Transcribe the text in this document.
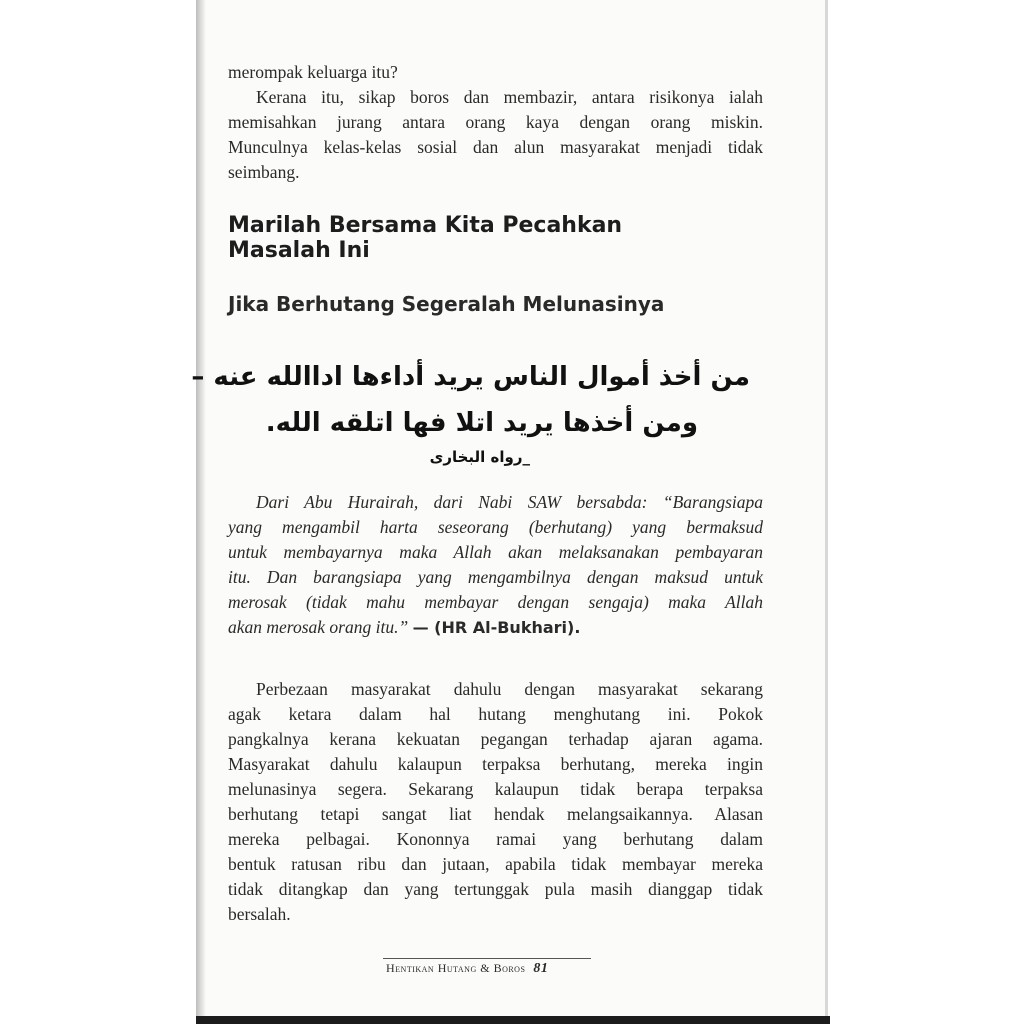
merompak keluarga itu?
Kerana itu, sikap boros dan membazir, antara risikonya ialah
memisahkan jurang antara orang kaya dengan orang miskin.
Munculnya kelas-kelas sosial dan alun masyarakat menjadi tidak
seimbang.

Marilah Bersama Kita Pecahkan
Masalah Ini
Jika Berhutang Segeralah Melunasinya

من أخذ أموال الناس يريد أداءها اداالله عنه –

ومن أخذها يريد اتلا فها اتلقه الله.

_رواه البخارى

Dari Abu Hurairah, dari Nabi SAW bersabda: “Barangsiapa
yang mengambil harta seseorang (berhutang) yang bermaksud
untuk membayarnya maka Allah akan melaksanakan pembayaran
itu. Dan barangsiapa yang mengambilnya dengan maksud untuk
merosak (tidak mahu membayar dengan sengaja) maka Allah
akan merosak orang itu.” — (HR Al-Bukhari).

Perbezaan masyarakat dahulu dengan masyarakat sekarang
agak ketara dalam hal hutang menghutang ini. Pokok
pangkalnya kerana kekuatan pegangan terhadap ajaran agama.
Masyarakat dahulu kalaupun terpaksa berhutang, mereka ingin
melunasinya segera. Sekarang kalaupun tidak berapa terpaksa
berhutang tetapi sangat liat hendak melangsaikannya. Alasan
mereka pelbagai. Kononnya ramai yang berhutang dalam
bentuk ratusan ribu dan jutaan, apabila tidak membayar mereka
tidak ditangkap dan yang tertunggak pula masih dianggap tidak
bersalah.

Hentikan Hutang & Boros 81
